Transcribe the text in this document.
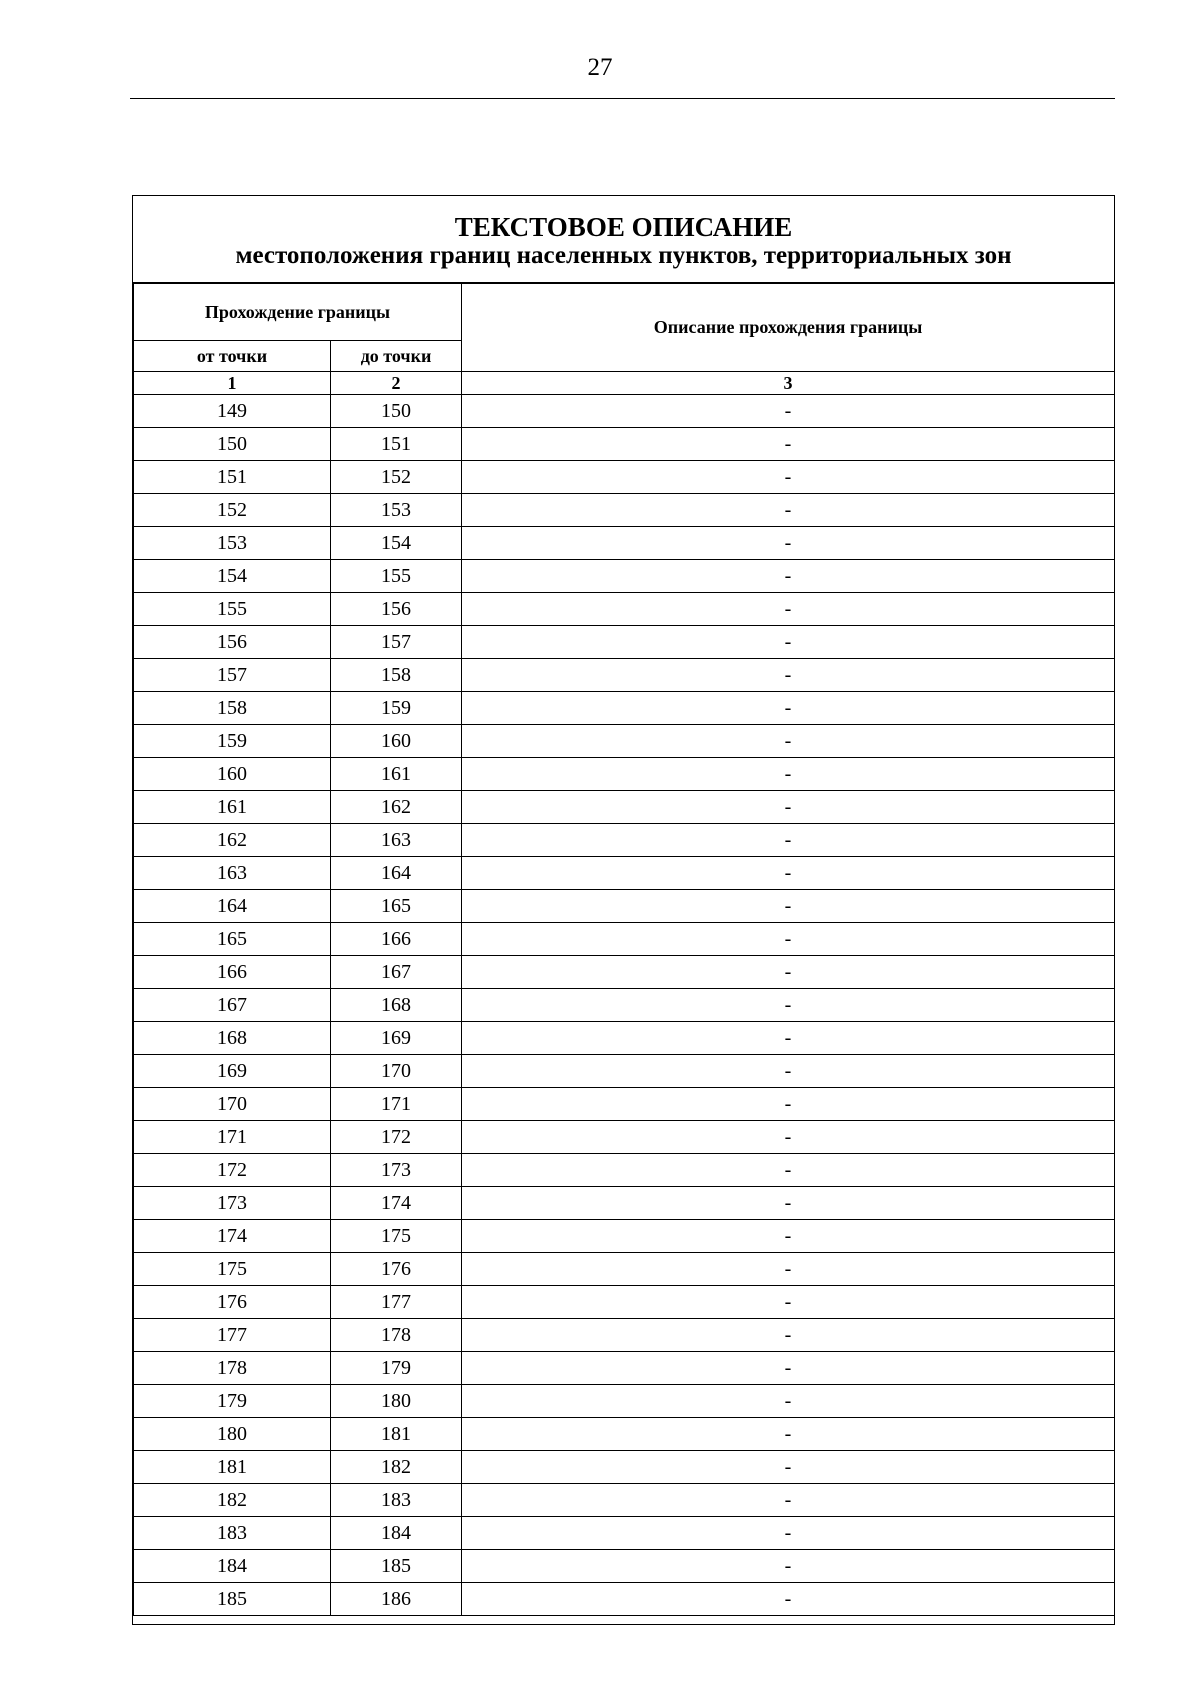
27
ТЕКСТОВОЕ ОПИСАНИЕ
местоположения границ населенных пунктов, территориальных зон
Прохождение границы		Описание прохождения границы
от точки	до точки	
1	2	3
149	150	-
150	151	-
151	152	-
152	153	-
153	154	-
154	155	-
155	156	-
156	157	-
157	158	-
158	159	-
159	160	-
160	161	-
161	162	-
162	163	-
163	164	-
164	165	-
165	166	-
166	167	-
167	168	-
168	169	-
169	170	-
170	171	-
171	172	-
172	173	-
173	174	-
174	175	-
175	176	-
176	177	-
177	178	-
178	179	-
179	180	-
180	181	-
181	182	-
182	183	-
183	184	-
184	185	-
185	186	-
